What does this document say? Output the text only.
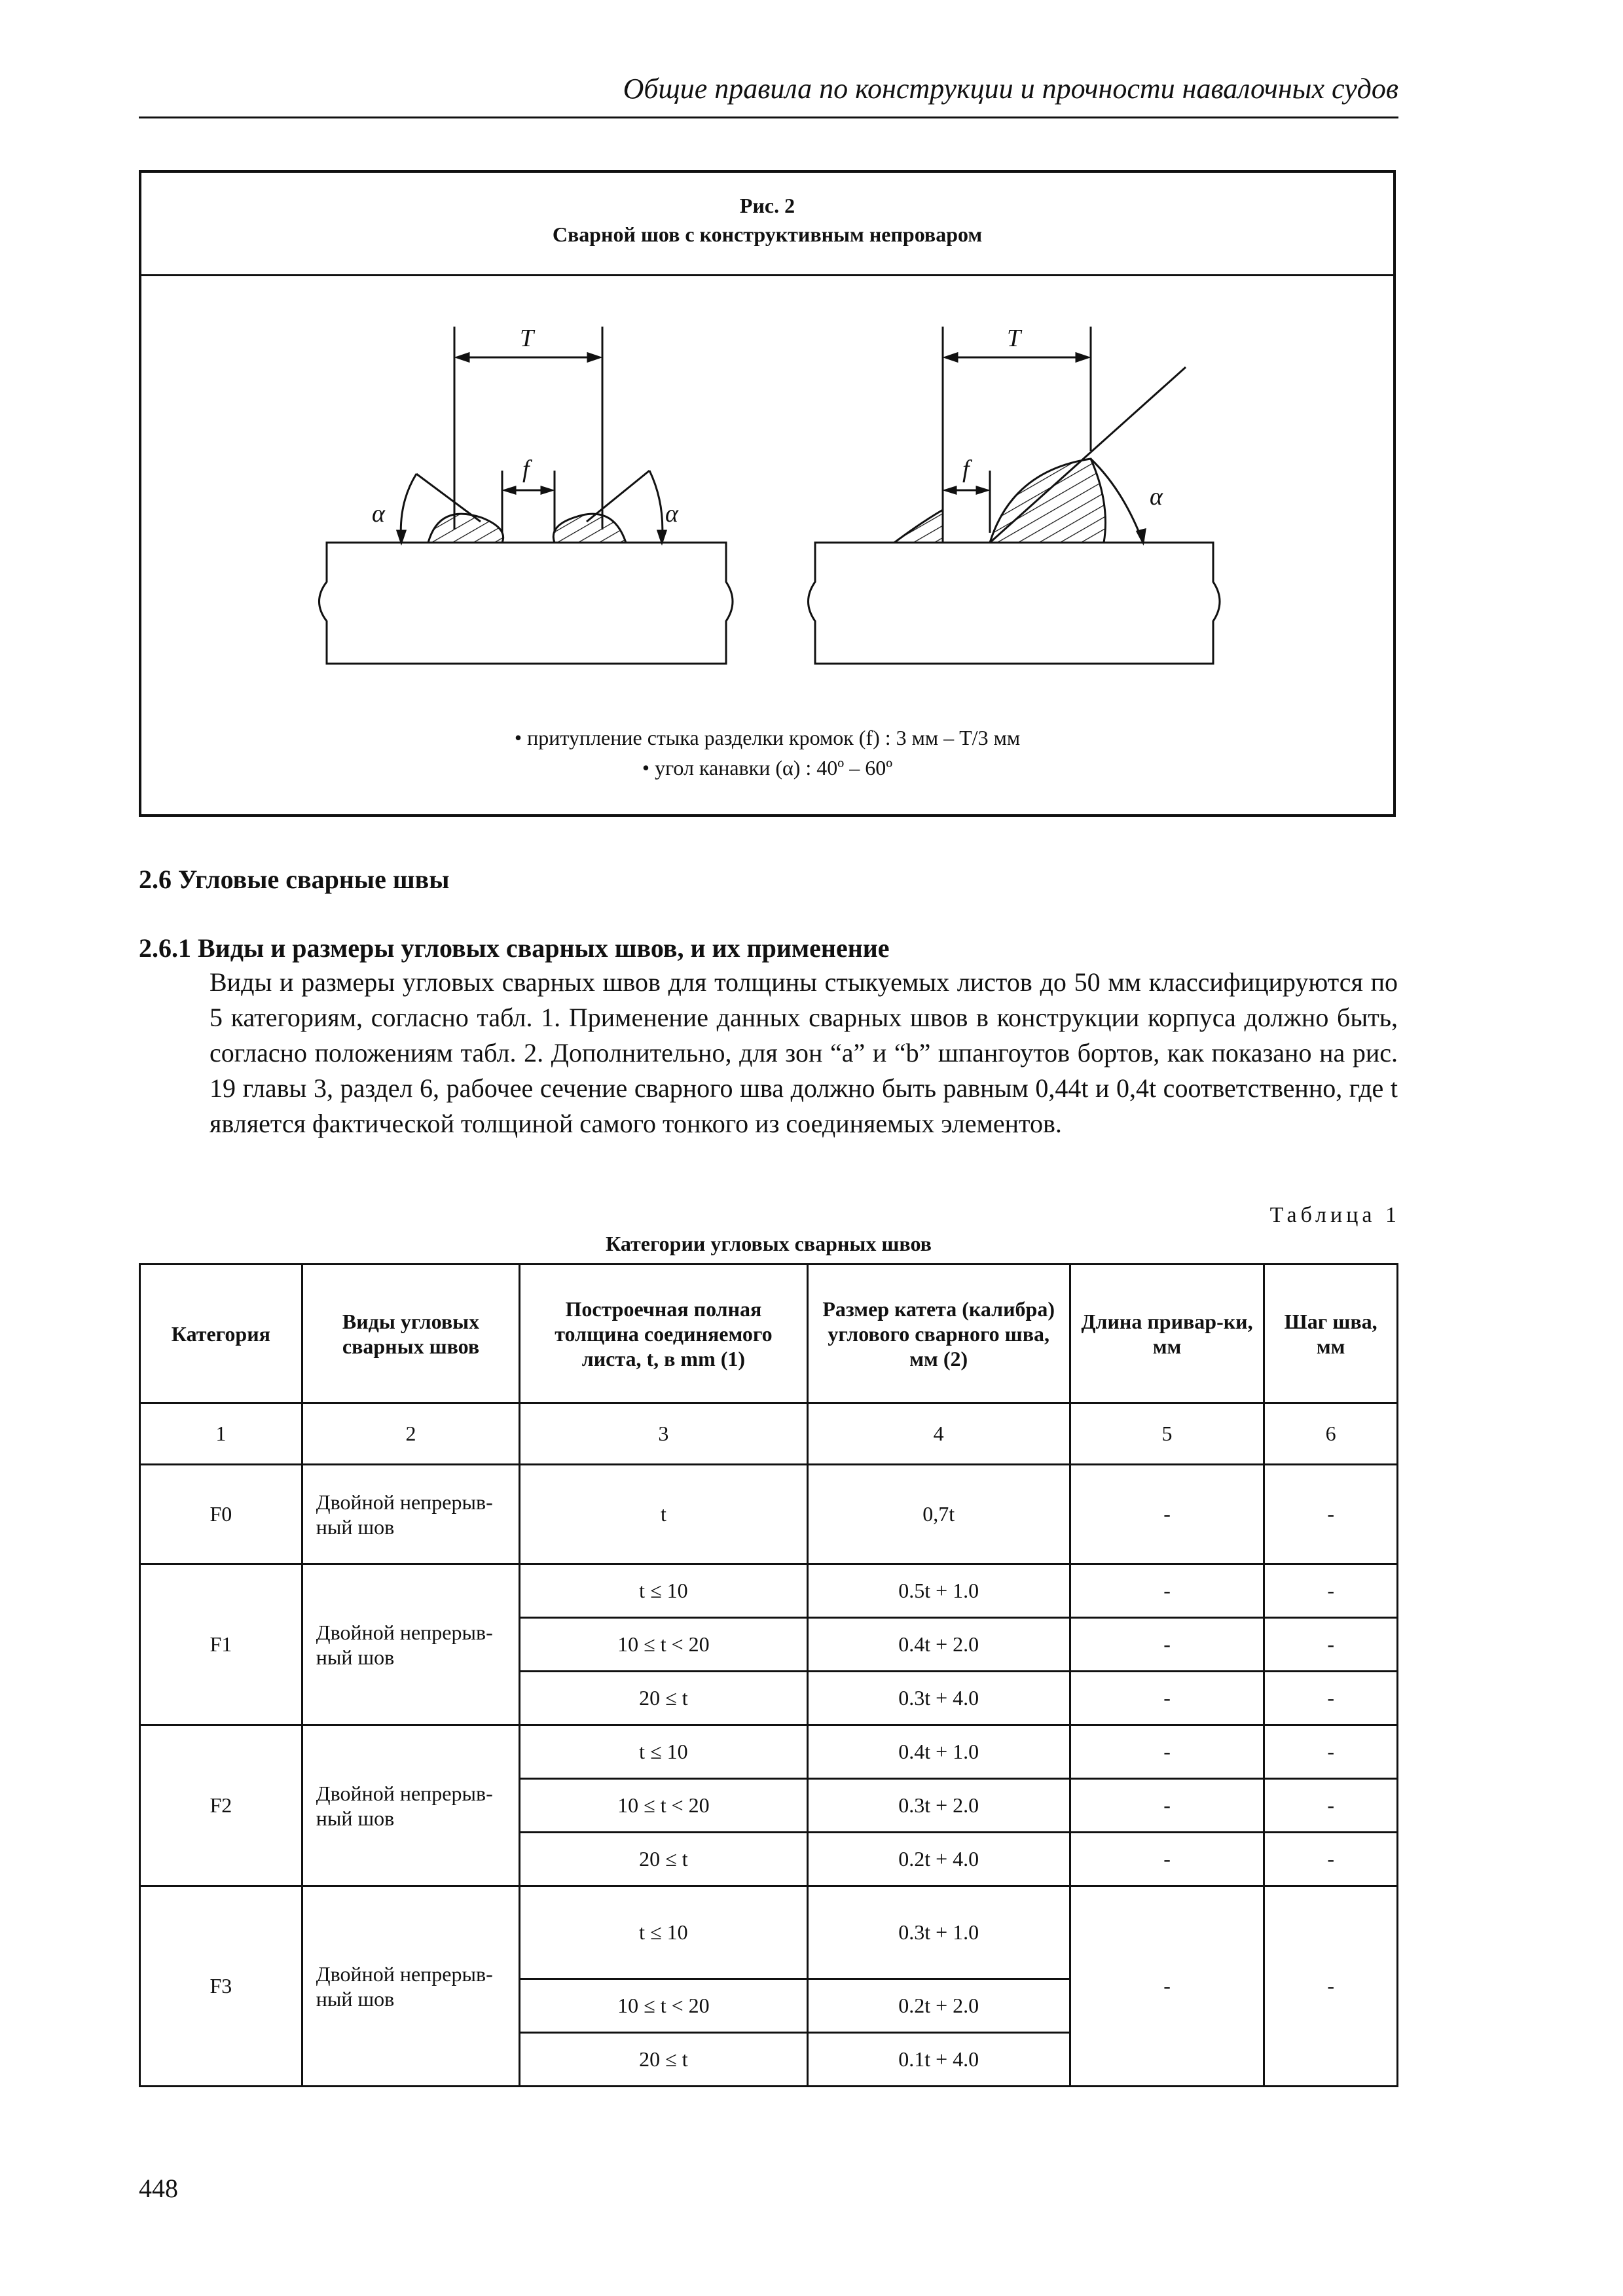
Общие правила по конструкции и прочности навалочных судов
Рис. 2
Сварной шов с конструктивным непроваром
T	T
f	f
α	α
α
• притупление стыка разделки кромок (f) : 3 мм – T/3 мм
• угол канавки (α) : 40º – 60º
2.6 Угловые сварные швы
2.6.1 Виды и размеры угловых сварных швов, и их применение
Виды и размеры угловых сварных швов для толщины стыкуемых листов до 50 мм классифицируются по 5 категориям, согласно табл. 1. Применение данных сварных швов в конструкции корпуса должно быть, согласно положениям табл. 2. Дополнительно, для зон “a” и “b” шпангоутов бортов, как показано на рис. 19 главы 3, раздел 6, рабочее сечение сварного шва должно быть равным 0,44t и 0,4t соответственно, где t является фактической толщиной самого тонкого из соединяемых элементов.
Таблица 1
Категории угловых сварных швов
Категория	Виды угловых сварных швов	Построечная полная толщина соединяемого листа, t, в mm (1)	Размер катета (калибра) углового сварного шва, мм (2)	Длина привар-ки, мм	Шаг шва, мм
1	2	3	4	5	6
F0	Двойной непрерыв-ный шов	t	0,7t	-	-
F1	Двойной непрерыв-ный шов	t ≤ 10	0.5t + 1.0	-	-
		10 ≤ t < 20	0.4t + 2.0	-	-
		20 ≤ t	0.3t + 4.0	-	-
F2	Двойной непрерыв-ный шов	t ≤ 10	0.4t + 1.0	-	-
		10 ≤ t < 20	0.3t + 2.0	-	-
		20 ≤ t	0.2t + 4.0	-	-
F3	Двойной непрерыв-ный шов	t ≤ 10	0.3t + 1.0	-	-
		10 ≤ t < 20	0.2t + 2.0		
		20 ≤ t	0.1t + 4.0		
448
